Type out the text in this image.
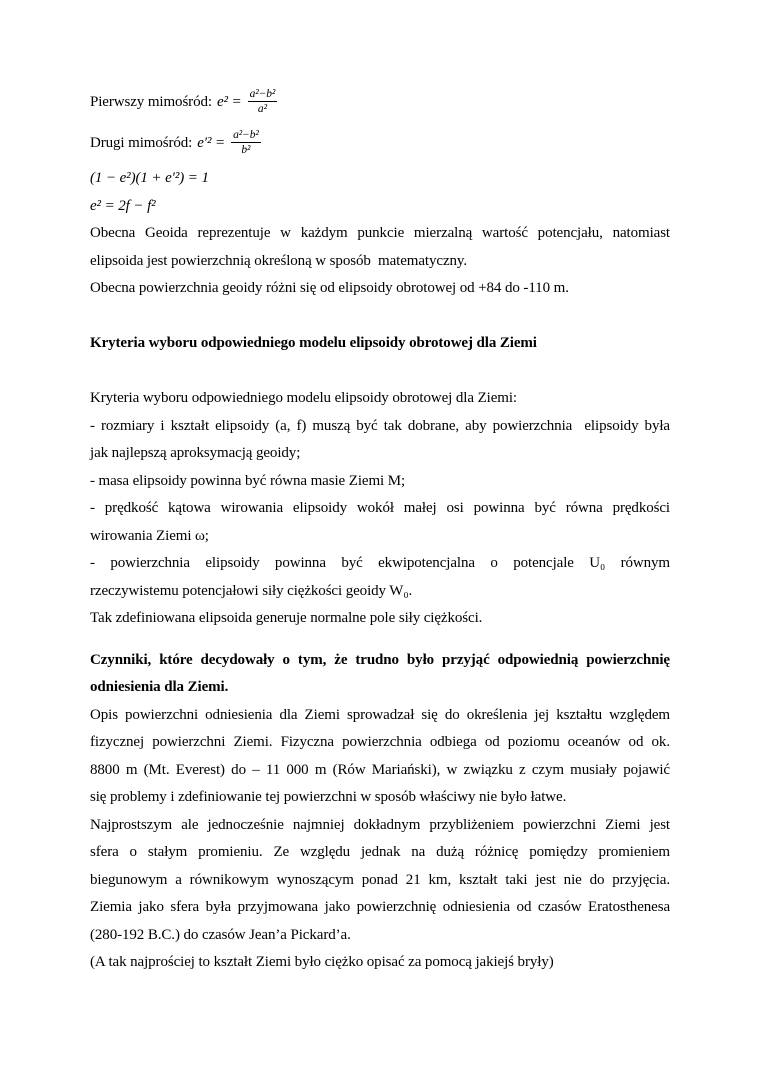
Pierwszy mimośród: $e^2 = \frac{\text{a²−b²}}{\text{a²}}$
Drugi mimośród: $e'^2 = \frac{\text{a²−b²}}{\text{b²}}$
(1 − e²)(1 + e′²) = 1
e² = 2f − f²
Obecna Geoida reprezentuje w każdym punkcie mierzalną wartość potencjału, natomiast
elipsoida jest powierzchnią określoną w sposób  matematyczny.
Obecna powierzchnia geoidy różni się od elipsoidy obrotowej od +84 do -110 m.
Kryteria wyboru odpowiedniego modelu elipsoidy obrotowej dla Ziemi
Kryteria wyboru odpowiedniego modelu elipsoidy obrotowej dla Ziemi:
- rozmiary i kształt elipsoidy (a, f) muszą być tak dobrane, aby powierzchnia  elipsoidy była
jak najlepszą aproksymacją geoidy;
- masa elipsoidy powinna być równa masie Ziemi M;
- prędkość kątowa wirowania elipsoidy wokół małej osi powinna być równa prędkości
wirowania Ziemi ω;
- powierzchnia elipsoidy powinna być ekwipotencjalna o potencjale U₀ równym
rzeczywistemu potencjałowi siły ciężkości geoidy W₀.
Tak zdefiniowana elipsoida generuje normalne pole siły ciężkości.
Czynniki, które decydowały o tym, że trudno było przyjąć odpowiednią powierzchnię
odniesienia dla Ziemi.
Opis powierzchni odniesienia dla Ziemi sprowadzał się do określenia jej kształtu względem
fizycznej powierzchni Ziemi. Fizyczna powierzchnia odbiega od poziomu oceanów od ok.
8800 m (Mt. Everest) do – 11 000 m (Rów Mariański), w związku z czym musiały pojawić
się problemy i zdefiniowanie tej powierzchni w sposób właściwy nie było łatwe.
Najprostszym ale jednocześnie najmniej dokładnym przybliżeniem powierzchni Ziemi jest
sfera o stałym promieniu. Ze względu jednak na dużą różnicę pomiędzy promieniem
biegunowym a równikowym wynoszącym ponad 21 km, kształt taki jest nie do przyjęcia.
Ziemia jako sfera była przyjmowana jako powierzchnię odniesienia od czasów Eratosthenesa
(280-192 B.C.) do czasów Jean’a Pickard’a.
(A tak najprościej to kształt Ziemi było ciężko opisać za pomocą jakiejś bryły)
